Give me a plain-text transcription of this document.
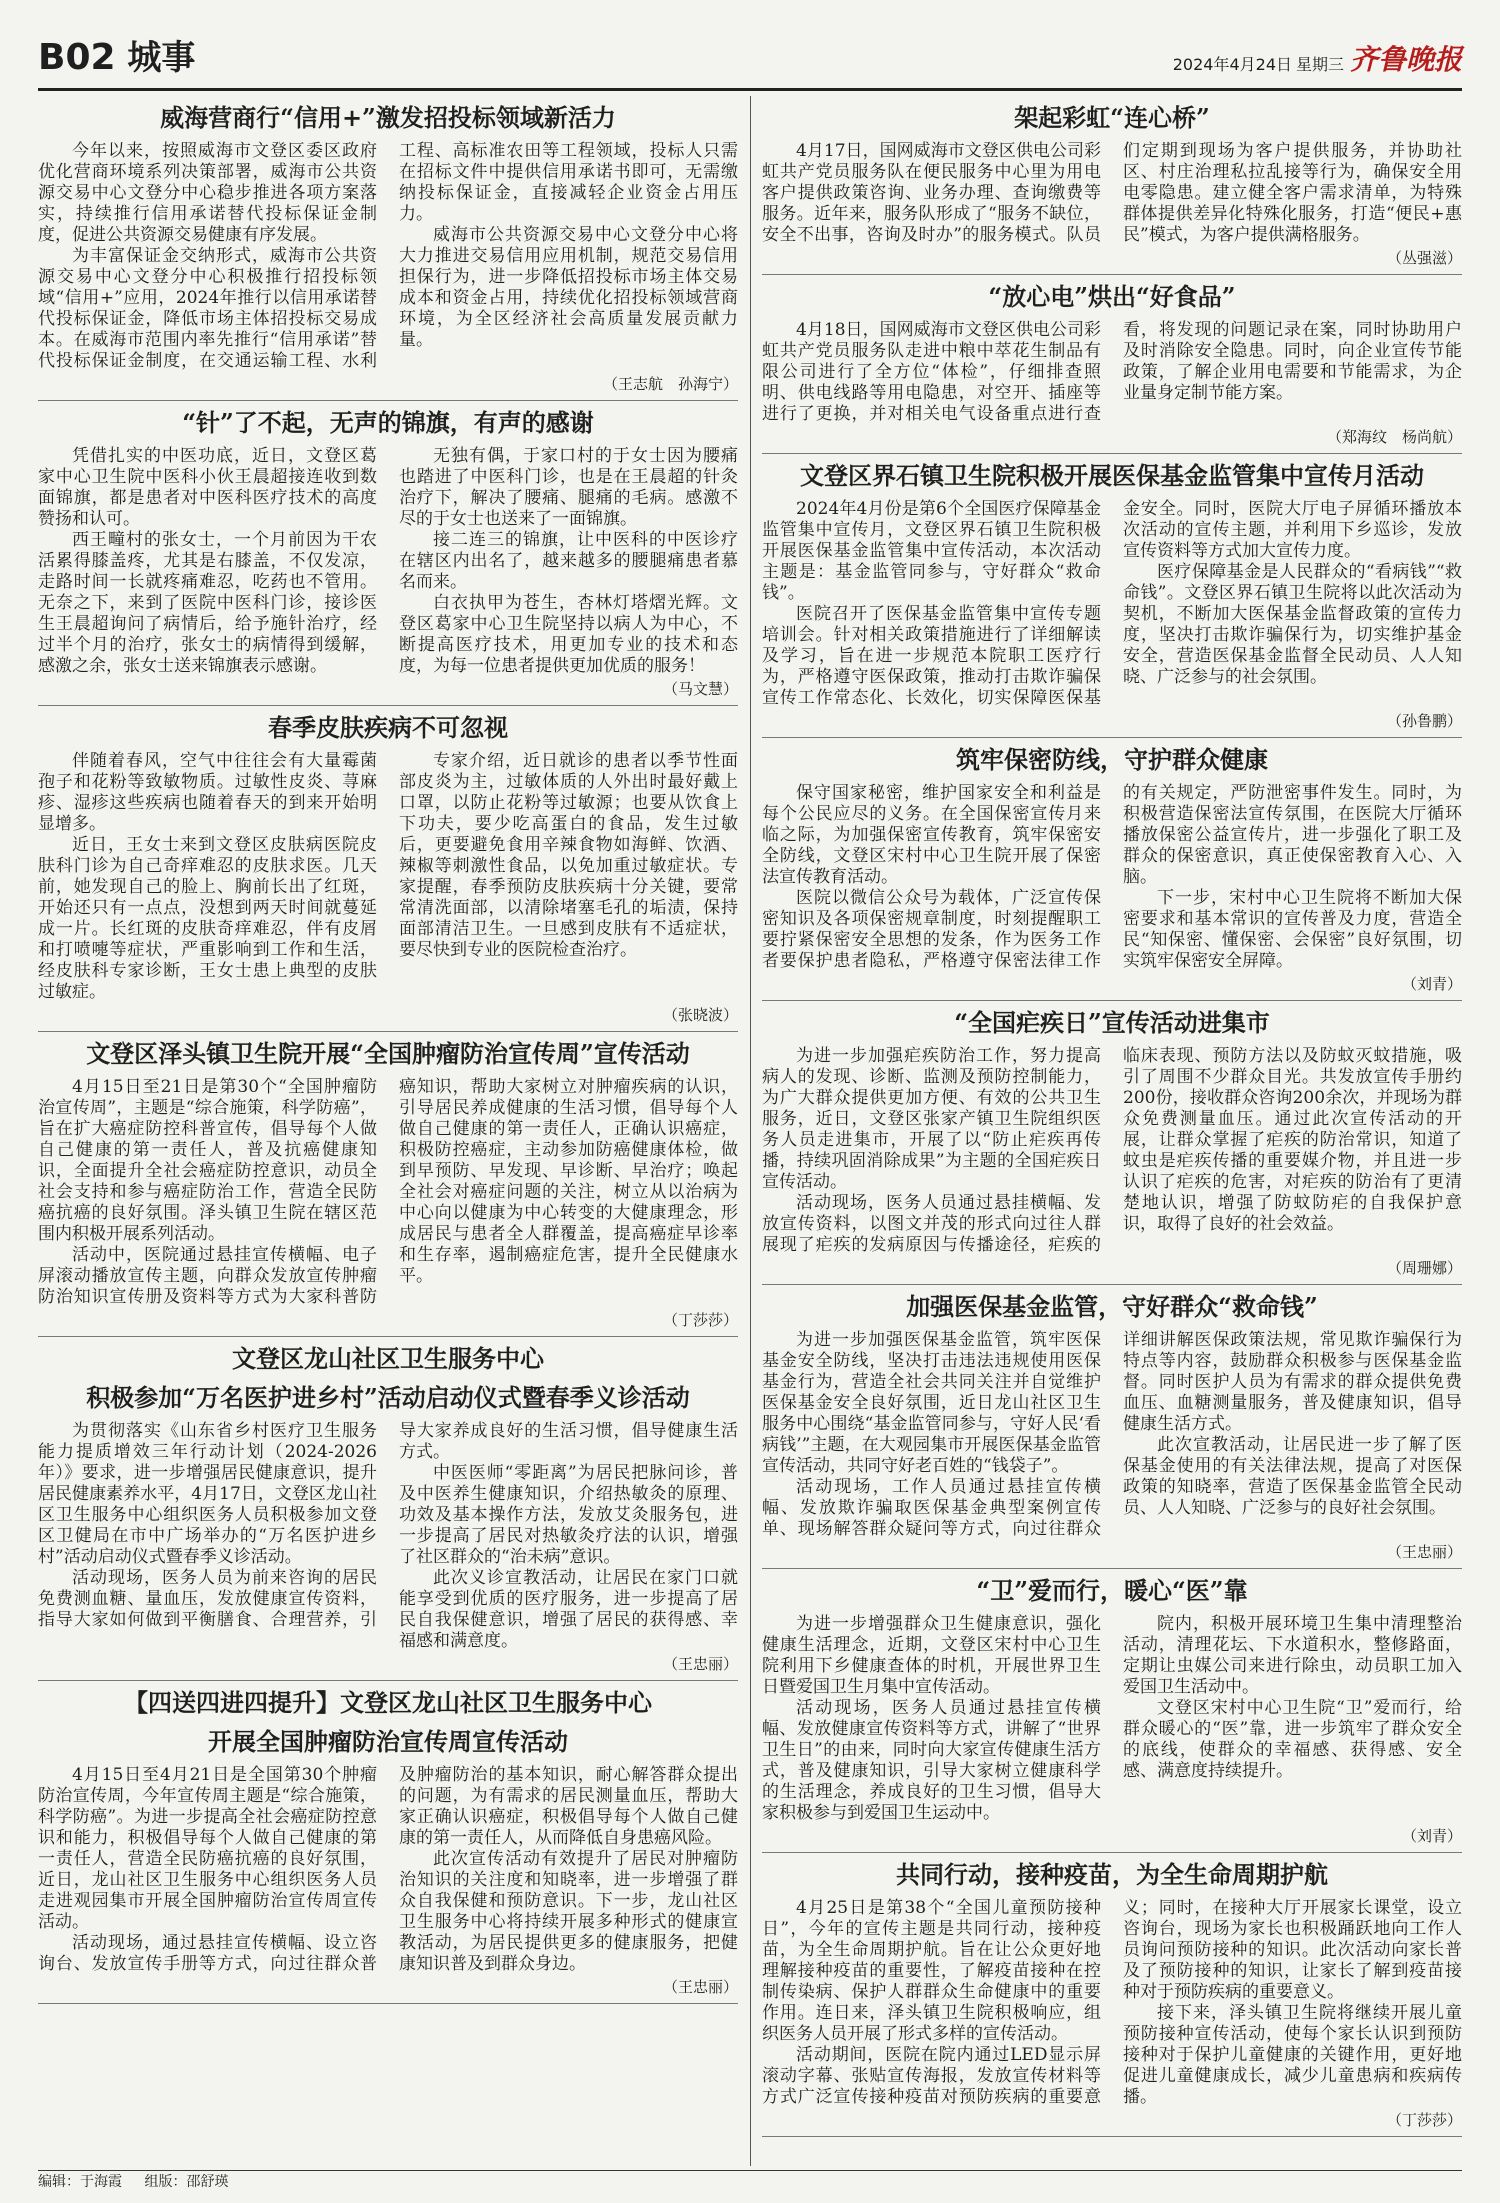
B02 城事	2024年4月24日 星期三 齐鲁晚报
威海营商行“信用+”激发招投标领域新活力

今年以来，按照威海市文登区委区政府优化营商环境系列决策部署，威海市公共资源交易中心文登分中心稳步推进各项方案落实，持续推行信用承诺替代投标保证金制度，促进公共资源交易健康有序发展。

为丰富保证金交纳形式，威海市公共资源交易中心文登分中心积极推行招投标领域“信用+”应用，2024年推行以信用承诺替代投标保证金，降低市场主体招投标交易成本。在威海市范围内率先推行“信用承诺”替代投标保证金制度，在交通运输工程、水利工程、高标准农田等工程领域，投标人只需在招标文件中提供信用承诺书即可，无需缴纳投标保证金，直接减轻企业资金占用压力。

威海市公共资源交易中心文登分中心将大力推进交易信用应用机制，规范交易信用担保行为，进一步降低招投标市场主体交易成本和资金占用，持续优化招投标领域营商环境，为全区经济社会高质量发展贡献力量。

（王志航　孙海宁）
“针”了不起，无声的锦旗，有声的感谢

凭借扎实的中医功底，近日，文登区葛家中心卫生院中医科小伙王晨超接连收到数面锦旗，都是患者对中医科医疗技术的高度赞扬和认可。

西王疃村的张女士，一个月前因为干农活累得膝盖疼，尤其是右膝盖，不仅发凉，走路时间一长就疼痛难忍，吃药也不管用。无奈之下，来到了医院中医科门诊，接诊医生王晨超询问了病情后，给予施针治疗，经过半个月的治疗，张女士的病情得到缓解，感激之余，张女士送来锦旗表示感谢。

无独有偶，于家口村的于女士因为腰痛也踏进了中医科门诊，也是在王晨超的针灸治疗下，解决了腰痛、腿痛的毛病。感激不尽的于女士也送来了一面锦旗。

接二连三的锦旗，让中医科的中医诊疗在辖区内出名了，越来越多的腰腿痛患者慕名而来。

白衣执甲为苍生，杏林灯塔熠光辉。文登区葛家中心卫生院坚持以病人为中心，不断提高医疗技术，用更加专业的技术和态度，为每一位患者提供更加优质的服务！

（马文慧）
春季皮肤疾病不可忽视

伴随着春风，空气中往往会有大量霉菌孢子和花粉等致敏物质。过敏性皮炎、荨麻疹、湿疹这些疾病也随着春天的到来开始明显增多。

近日，王女士来到文登区皮肤病医院皮肤科门诊为自己奇痒难忍的皮肤求医。几天前，她发现自己的脸上、胸前长出了红斑，开始还只有一点点，没想到两天时间就蔓延成一片。长红斑的皮肤奇痒难忍，伴有皮屑和打喷嚏等症状，严重影响到工作和生活，经皮肤科专家诊断，王女士患上典型的皮肤过敏症。

专家介绍，近日就诊的患者以季节性面部皮炎为主，过敏体质的人外出时最好戴上口罩，以防止花粉等过敏源；也要从饮食上下功夫，要少吃高蛋白的食品，发生过敏后，更要避免食用辛辣食物如海鲜、饮酒、辣椒等刺激性食品，以免加重过敏症状。专家提醒，春季预防皮肤疾病十分关键，要常常清洗面部，以清除堵塞毛孔的垢渍，保持面部清洁卫生。一旦感到皮肤有不适症状，要尽快到专业的医院检查治疗。

（张晓波）
文登区泽头镇卫生院开展“全国肿瘤防治宣传周”宣传活动

4月15日至21日是第30个“全国肿瘤防治宣传周”，主题是“综合施策，科学防癌”，旨在扩大癌症防控科普宣传，倡导每个人做自己健康的第一责任人，普及抗癌健康知识，全面提升全社会癌症防控意识，动员全社会支持和参与癌症防治工作，营造全民防癌抗癌的良好氛围。泽头镇卫生院在辖区范围内积极开展系列活动。

活动中，医院通过悬挂宣传横幅、电子屏滚动播放宣传主题，向群众发放宣传肿瘤防治知识宣传册及资料等方式为大家科普防癌知识，帮助大家树立对肿瘤疾病的认识，引导居民养成健康的生活习惯，倡导每个人做自己健康的第一责任人，正确认识癌症，积极防控癌症，主动参加防癌健康体检，做到早预防、早发现、早诊断、早治疗；唤起全社会对癌症问题的关注，树立从以治病为中心向以健康为中心转变的大健康理念，形成居民与患者全人群覆盖，提高癌症早诊率和生存率，遏制癌症危害，提升全民健康水平。

（丁莎莎）
文登区龙山社区卫生服务中心
积极参加“万名医护进乡村”活动启动仪式暨春季义诊活动

为贯彻落实《山东省乡村医疗卫生服务能力提质增效三年行动计划（2024-2026年）》要求，进一步增强居民健康意识，提升居民健康素养水平，4月17日，文登区龙山社区卫生服务中心组织医务人员积极参加文登区卫健局在市中广场举办的“万名医护进乡村”活动启动仪式暨春季义诊活动。

活动现场，医务人员为前来咨询的居民免费测血糖、量血压，发放健康宣传资料，指导大家如何做到平衡膳食、合理营养，引导大家养成良好的生活习惯，倡导健康生活方式。

中医医师“零距离”为居民把脉问诊，普及中医养生健康知识，介绍热敏灸的原理、功效及基本操作方法，发放艾灸服务包，进一步提高了居民对热敏灸疗法的认识，增强了社区群众的“治未病”意识。

此次义诊宣教活动，让居民在家门口就能享受到优质的医疗服务，进一步提高了居民自我保健意识，增强了居民的获得感、幸福感和满意度。

（王忠丽）
【四送四进四提升】文登区龙山社区卫生服务中心
开展全国肿瘤防治宣传周宣传活动

4月15日至4月21日是全国第30个肿瘤防治宣传周，今年宣传周主题是“综合施策，科学防癌”。为进一步提高全社会癌症防控意识和能力，积极倡导每个人做自己健康的第一责任人，营造全民防癌抗癌的良好氛围，近日，龙山社区卫生服务中心组织医务人员走进观园集市开展全国肿瘤防治宣传周宣传活动。

活动现场，通过悬挂宣传横幅、设立咨询台、发放宣传手册等方式，向过往群众普及肿瘤防治的基本知识，耐心解答群众提出的问题，为有需求的居民测量血压，帮助大家正确认识癌症，积极倡导每个人做自己健康的第一责任人，从而降低自身患癌风险。

此次宣传活动有效提升了居民对肿瘤防治知识的关注度和知晓率，进一步增强了群众自我保健和预防意识。下一步，龙山社区卫生服务中心将持续开展多种形式的健康宣教活动，为居民提供更多的健康服务，把健康知识普及到群众身边。

（王忠丽）
架起彩虹“连心桥”

4月17日，国网威海市文登区供电公司彩虹共产党员服务队在便民服务中心里为用电客户提供政策咨询、业务办理、查询缴费等服务。近年来，服务队形成了“服务不缺位，安全不出事，咨询及时办”的服务模式。队员们定期到现场为客户提供服务，并协助社区、村庄治理私拉乱接等行为，确保安全用电零隐患。建立健全客户需求清单，为特殊群体提供差异化特殊化服务，打造“便民+惠民”模式，为客户提供满格服务。

（丛强滋）
“放心电”烘出“好食品”

4月18日，国网威海市文登区供电公司彩虹共产党员服务队走进中粮中萃花生制品有限公司进行了全方位“体检”，仔细排查照明、供电线路等用电隐患，对空开、插座等进行了更换，并对相关电气设备重点进行查看，将发现的问题记录在案，同时协助用户及时消除安全隐患。同时，向企业宣传节能政策，了解企业用电需要和节能需求，为企业量身定制节能方案。

（郑海纹　杨尚航）
文登区界石镇卫生院积极开展医保基金监管集中宣传月活动

2024年4月份是第6个全国医疗保障基金监管集中宣传月，文登区界石镇卫生院积极开展医保基金监管集中宣传活动，本次活动主题是：基金监管同参与，守好群众“救命钱”。

医院召开了医保基金监管集中宣传专题培训会。针对相关政策措施进行了详细解读及学习，旨在进一步规范本院职工医疗行为，严格遵守医保政策，推动打击欺诈骗保宣传工作常态化、长效化，切实保障医保基金安全。同时，医院大厅电子屏循环播放本次活动的宣传主题，并利用下乡巡诊，发放宣传资料等方式加大宣传力度。

医疗保障基金是人民群众的“看病钱”“救命钱”。文登区界石镇卫生院将以此次活动为契机，不断加大医保基金监督政策的宣传力度，坚决打击欺诈骗保行为，切实维护基金安全，营造医保基金监督全民动员、人人知晓、广泛参与的社会氛围。

（孙鲁鹏）
筑牢保密防线，守护群众健康

保守国家秘密，维护国家安全和利益是每个公民应尽的义务。在全国保密宣传月来临之际，为加强保密宣传教育，筑牢保密安全防线，文登区宋村中心卫生院开展了保密法宣传教育活动。

医院以微信公众号为载体，广泛宣传保密知识及各项保密规章制度，时刻提醒职工要拧紧保密安全思想的发条，作为医务工作者要保护患者隐私，严格遵守保密法律工作的有关规定，严防泄密事件发生。同时，为积极营造保密法宣传氛围，在医院大厅循环播放保密公益宣传片，进一步强化了职工及群众的保密意识，真正使保密教育入心、入脑。

下一步，宋村中心卫生院将不断加大保密要求和基本常识的宣传普及力度，营造全民“知保密、懂保密、会保密”良好氛围，切实筑牢保密安全屏障。

（刘青）
“全国疟疾日”宣传活动进集市

为进一步加强疟疾防治工作，努力提高病人的发现、诊断、监测及预防控制能力，为广大群众提供更加方便、有效的公共卫生服务，近日，文登区张家产镇卫生院组织医务人员走进集市，开展了以“防止疟疾再传播，持续巩固消除成果”为主题的全国疟疾日宣传活动。

活动现场，医务人员通过悬挂横幅、发放宣传资料，以图文并茂的形式向过往人群展现了疟疾的发病原因与传播途径，疟疾的临床表现、预防方法以及防蚊灭蚊措施，吸引了周围不少群众目光。共发放宣传手册约200份，接收群众咨询200余次，并现场为群众免费测量血压。通过此次宣传活动的开展，让群众掌握了疟疾的防治常识，知道了蚊虫是疟疾传播的重要媒介物，并且进一步认识了疟疾的危害，对疟疾的防治有了更清楚地认识，增强了防蚊防疟的自我保护意识，取得了良好的社会效益。

（周珊娜）
加强医保基金监管，守好群众“救命钱”

为进一步加强医保基金监管，筑牢医保基金安全防线，坚决打击违法违规使用医保基金行为，营造全社会共同关注并自觉维护医保基金安全良好氛围，近日龙山社区卫生服务中心围绕“基金监管同参与，守好人民‘看病钱’”主题，在大观园集市开展医保基金监管宣传活动，共同守好老百姓的“钱袋子”。

活动现场，工作人员通过悬挂宣传横幅、发放欺诈骗取医保基金典型案例宣传单、现场解答群众疑问等方式，向过往群众详细讲解医保政策法规，常见欺诈骗保行为特点等内容，鼓励群众积极参与医保基金监督。同时医护人员为有需求的群众提供免费血压、血糖测量服务，普及健康知识，倡导健康生活方式。

此次宣教活动，让居民进一步了解了医保基金使用的有关法律法规，提高了对医保政策的知晓率，营造了医保基金监管全民动员、人人知晓、广泛参与的良好社会氛围。

（王忠丽）
“卫”爱而行，暖心“医”靠

为进一步增强群众卫生健康意识，强化健康生活理念，近期，文登区宋村中心卫生院利用下乡健康查体的时机，开展世界卫生日暨爱国卫生月集中宣传活动。

活动现场，医务人员通过悬挂宣传横幅、发放健康宣传资料等方式，讲解了“世界卫生日”的由来，同时向大家宣传健康生活方式，普及健康知识，引导大家树立健康科学的生活理念，养成良好的卫生习惯，倡导大家积极参与到爱国卫生运动中。

院内，积极开展环境卫生集中清理整治活动，清理花坛、下水道积水，整修路面，定期让虫媒公司来进行除虫，动员职工加入爱国卫生活动中。

文登区宋村中心卫生院“卫”爱而行，给群众暖心的“医”靠，进一步筑牢了群众安全的底线，使群众的幸福感、获得感、安全感、满意度持续提升。

（刘青）
共同行动，接种疫苗，为全生命周期护航

4月25日是第38个“全国儿童预防接种日”，今年的宣传主题是共同行动，接种疫苗，为全生命周期护航。旨在让公众更好地理解接种疫苗的重要性，了解疫苗接种在控制传染病、保护人群群众生命健康中的重要作用。连日来，泽头镇卫生院积极响应，组织医务人员开展了形式多样的宣传活动。

活动期间，医院在院内通过LED显示屏滚动字幕、张贴宣传海报，发放宣传材料等方式广泛宣传接种疫苗对预防疾病的重要意义；同时，在接种大厅开展家长课堂，设立咨询台，现场为家长也积极踊跃地向工作人员询问预防接种的知识。此次活动向家长普及了预防接种的知识，让家长了解到疫苗接种对于预防疾病的重要意义。

接下来，泽头镇卫生院将继续开展儿童预防接种宣传活动，使每个家长认识到预防接种对于保护儿童健康的关键作用，更好地促进儿童健康成长，减少儿童患病和疾病传播。

（丁莎莎）
编辑：于海霞 组版：邵舒瑛
